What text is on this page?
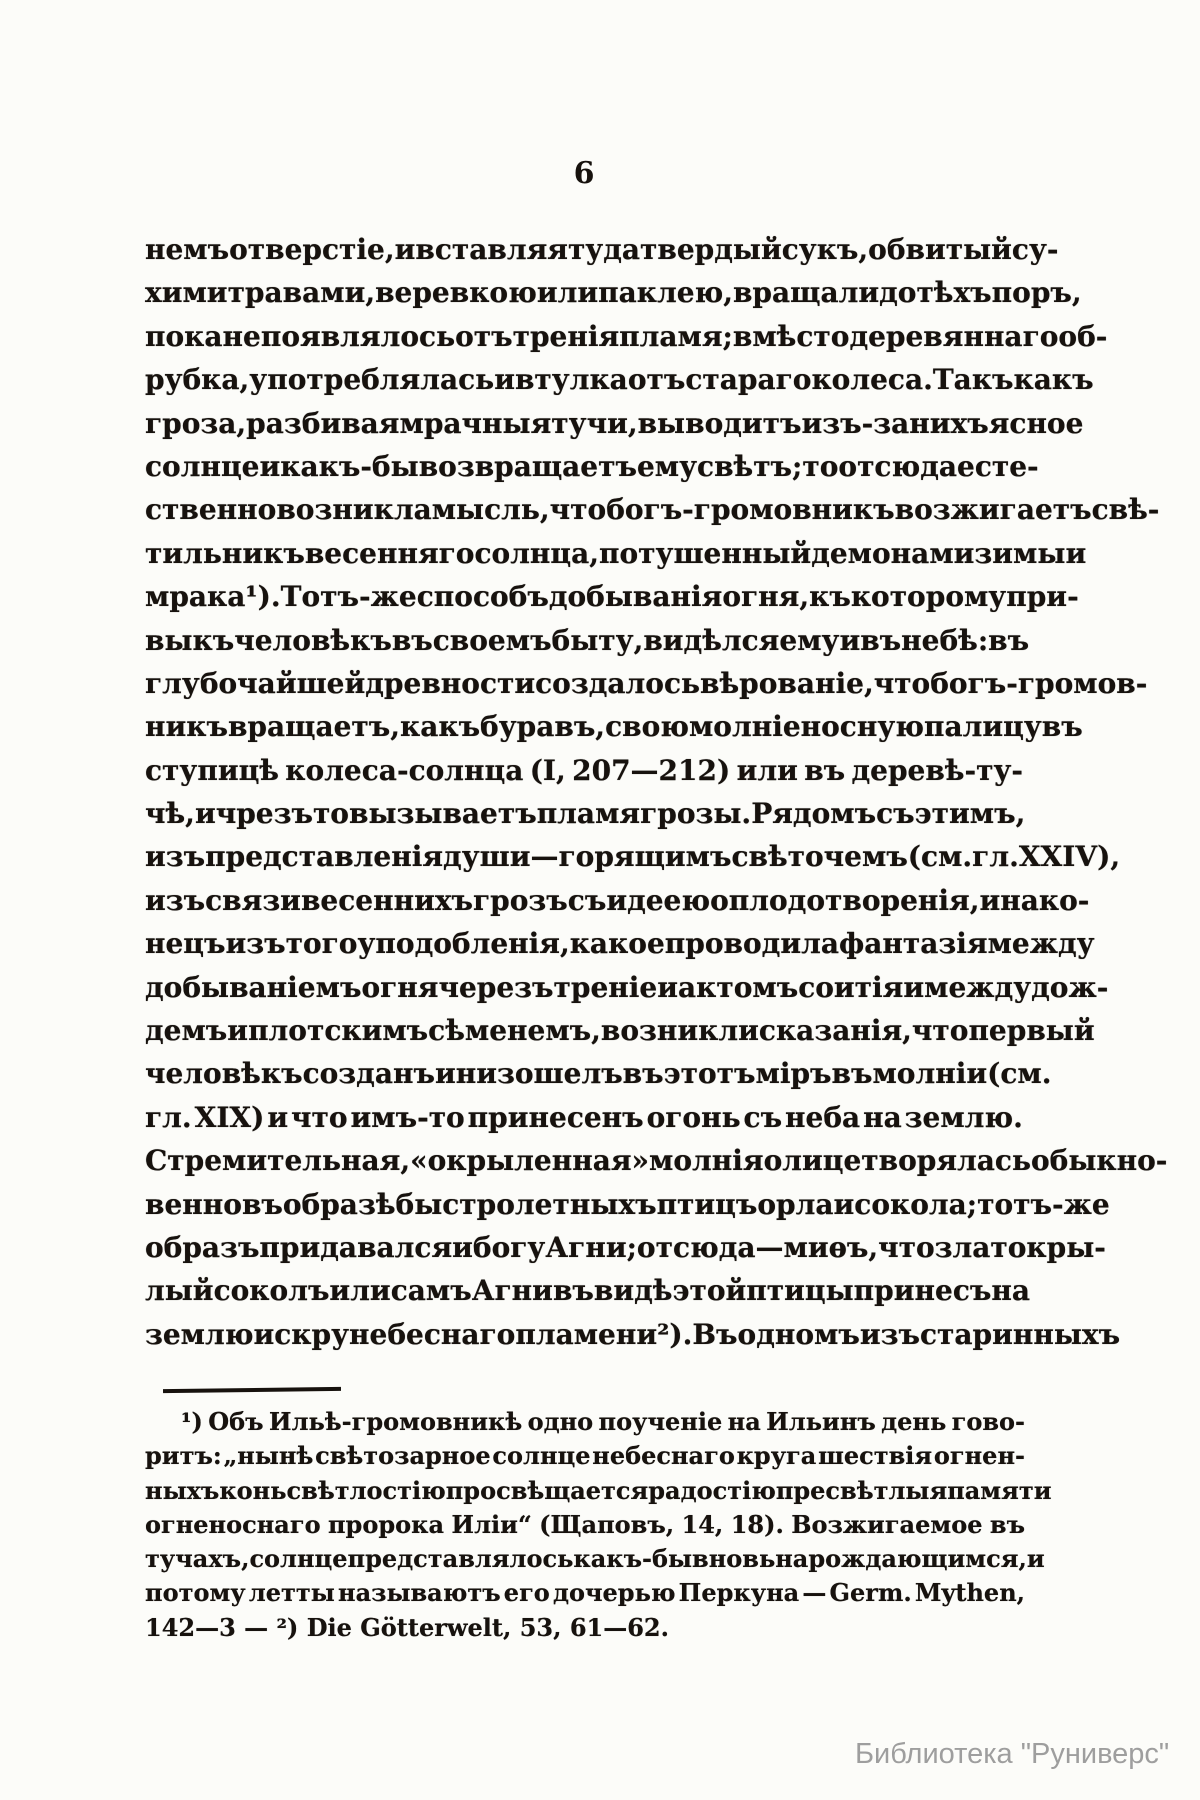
6
немъ отверстіе, и вставляя туда твердый сукъ, обвитый су-
хими травами, веревкою или паклею, вращали до тѣхъ поръ,
пока не появлялось отъ тренія пламя; вмѣсто деревяннаго об-
рубка, употреблялась и втулка отъ стараго колеса. Такъ какъ
гроза, разбивая мрачныя тучи, выводитъ изъ-за нихъ ясное
солнце и какъ-бы возвращаетъ ему свѣтъ; то отсюда есте-
ственно возникла мысль, что богъ-громовникъ возжигаетъ свѣ-
тильникъ весенняго солнца, потушенный демонами зимы и
мрака ¹). Тотъ-же способъ добыванія огня, къ которому при-
выкъ человѣкъ въ своемъ быту, видѣлся ему и въ небѣ: въ
глубочайшей древности создалось вѣрованіе, что богъ-громов-
никъ вращаетъ, какъ буравъ, свою молніеносную палицу въ
ступицѣ колеса-солнца (I, 207—212) или въ деревѣ-ту-
чѣ, и чрезъ то вызываетъ пламя грозы. Рядомъ съ этимъ,
изъ представленія души—горящимъ свѣточемъ (см. гл. XXIV),
изъ связи весеннихъ грозъ съ идеею оплодотворенія, и нако-
нецъ изъ того уподобленія, какое проводила фантазія между
добываніемъ огня черезъ треніе и актомъ соитія и между дож-
демъ и плотскимъ сѣменемъ, возникли сказанія, что первый
человѣкъ созданъ и низошелъ въ этотъ міръ въ молніи (см.
гл. XIX) и что имъ-то принесенъ огонь съ неба на землю.
Стремительная, «окрыленная» молнія олицетворялась обыкно-
венно въ образѣ быстролетныхъ птицъ орла и сокола; тотъ-же
образъ придавался и богу Агни; отсюда—миѳъ, что златокры-
лый соколъ или самъ Агни въ видѣ этой птицы принесъ на
землю искру небеснаго пламени ²). Въ одномъ изъ старинныхъ
¹) Объ Ильѣ-громовникѣ одно поученіе на Ильинъ день гово-
ритъ: „нынѣ свѣтозарное солнце небеснаго круга шествія огнен-
ныхъ конь свѣтлостію просвѣщается радостію пресвѣтлыя памяти
огненоснаго пророка Иліи“ (Щаповъ, 14, 18). Возжигаемое въ
тучахъ, солнце представлялось какъ-бы вновь нарождающимся, и
потому летты называютъ его дочерью Перкуна — Germ. Mythen,
142—3 — ²) Die Götterwelt, 53, 61—62.
Библиотека "Руниверс"
